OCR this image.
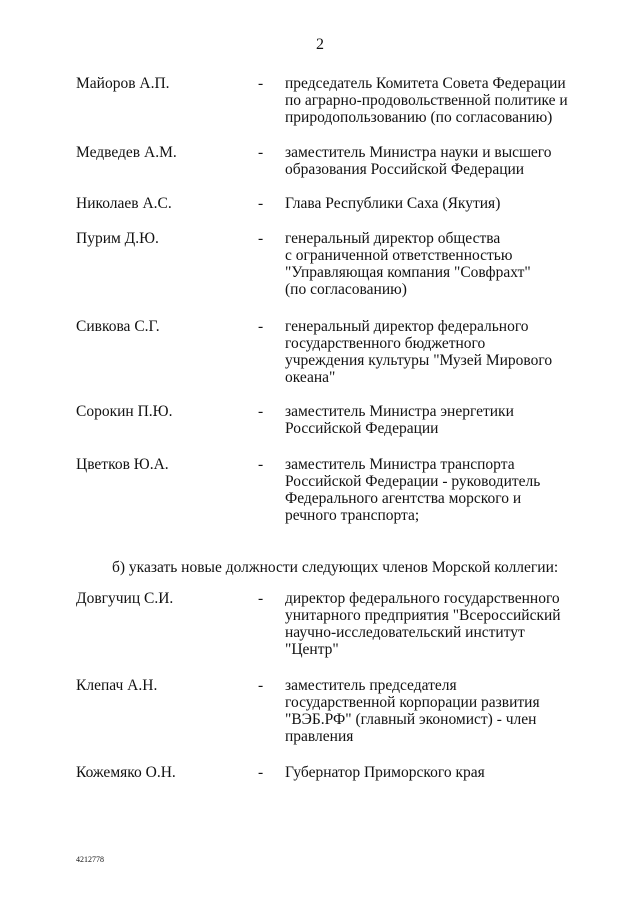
2
Майоров А.П.	- председатель Комитета Совета Федерации
по аграрно-продовольственной политике и
природопользованию (по согласованию)
Медведев А.М.	- заместитель Министра науки и высшего
образования Российской Федерации
Николаев А.С.	- Глава Республики Саха (Якутия)
Пурим Д.Ю.	- генеральный директор общества
с ограниченной ответственностью
"Управляющая компания "Совфрахт"
(по согласованию)
Сивкова С.Г.	- генеральный директор федерального
государственного бюджетного
учреждения культуры "Музей Мирового
океана"
Сорокин П.Ю.	- заместитель Министра энергетики
Российской Федерации
Цветков Ю.А.	- заместитель Министра транспорта
Российской Федерации - руководитель
Федерального агентства морского и
речного транспорта;
б) указать новые должности следующих членов Морской коллегии:
Довгучиц С.И.	- директор федерального государственного
унитарного предприятия "Всероссийский
научно-исследовательский институт
"Центр"
Клепач А.Н.	- заместитель председателя
государственной корпорации развития
"ВЭБ.РФ" (главный экономист) - член
правления
Кожемяко О.Н.	- Губернатор Приморского края
4212778
